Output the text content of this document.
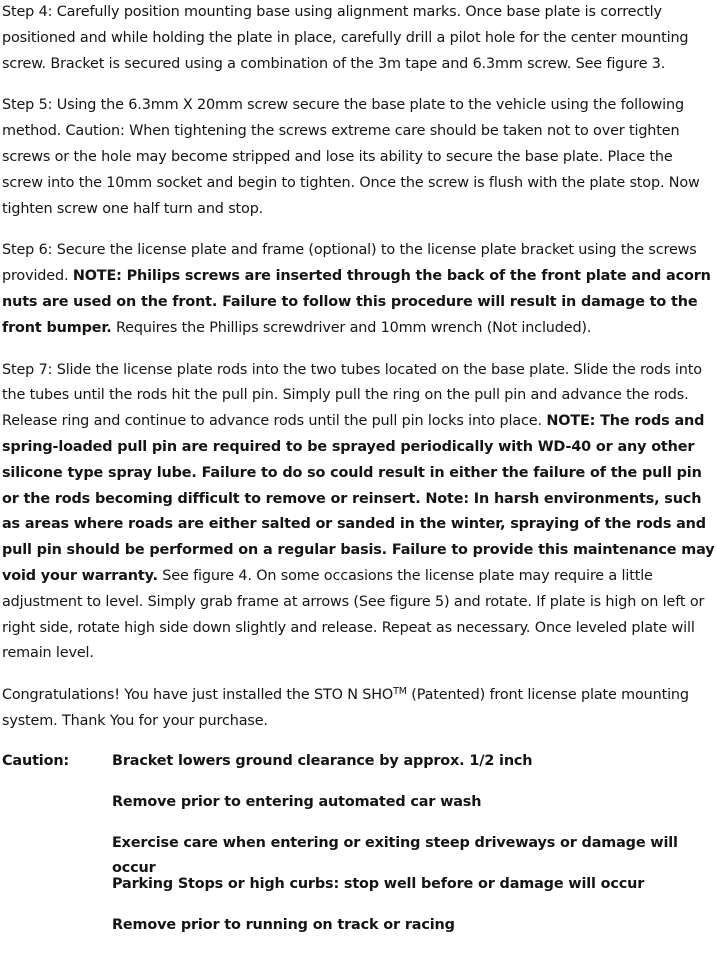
Step 4: Carefully position mounting base using alignment marks. Once base plate is correctly positioned and while holding the plate in place, carefully drill a pilot hole for the center mounting screw. Bracket is secured using a combination of the 3m tape and 6.3mm screw. See figure 3.

Step 5: Using the 6.3mm X 20mm screw secure the base plate to the vehicle using the following method. Caution: When tightening the screws extreme care should be taken not to over tighten screws or the hole may become stripped and lose its ability to secure the base plate. Place the screw into the 10mm socket and begin to tighten. Once the screw is flush with the plate stop. Now tighten screw one half turn and stop.

Step 6: Secure the license plate and frame (optional) to the license plate bracket using the screws provided. NOTE: Philips screws are inserted through the back of the front plate and acorn nuts are used on the front. Failure to follow this procedure will result in damage to the front bumper. Requires the Phillips screwdriver and 10mm wrench (Not included).

Step 7: Slide the license plate rods into the two tubes located on the base plate. Slide the rods into the tubes until the rods hit the pull pin. Simply pull the ring on the pull pin and advance the rods. Release ring and continue to advance rods until the pull pin locks into place. NOTE: The rods and spring-loaded pull pin are required to be sprayed periodically with WD-40 or any other silicone type spray lube. Failure to do so could result in either the failure of the pull pin or the rods becoming difficult to remove or reinsert. Note: In harsh environments, such as areas where roads are either salted or sanded in the winter, spraying of the rods and pull pin should be performed on a regular basis. Failure to provide this maintenance may void your warranty. See figure 4. On some occasions the license plate may require a little adjustment to level. Simply grab frame at arrows (See figure 5) and rotate. If plate is high on left or right side, rotate high side down slightly and release. Repeat as necessary. Once leveled plate will remain level.

Congratulations! You have just installed the STO N SHO™ (Patented) front license plate mounting system. Thank You for your purchase.

Caution:	Bracket lowers ground clearance by approx. 1/2 inch
Remove prior to entering automated car wash
Exercise care when entering or exiting steep driveways or damage will occur
Parking Stops or high curbs: stop well before or damage will occur
Remove prior to running on track or racing
